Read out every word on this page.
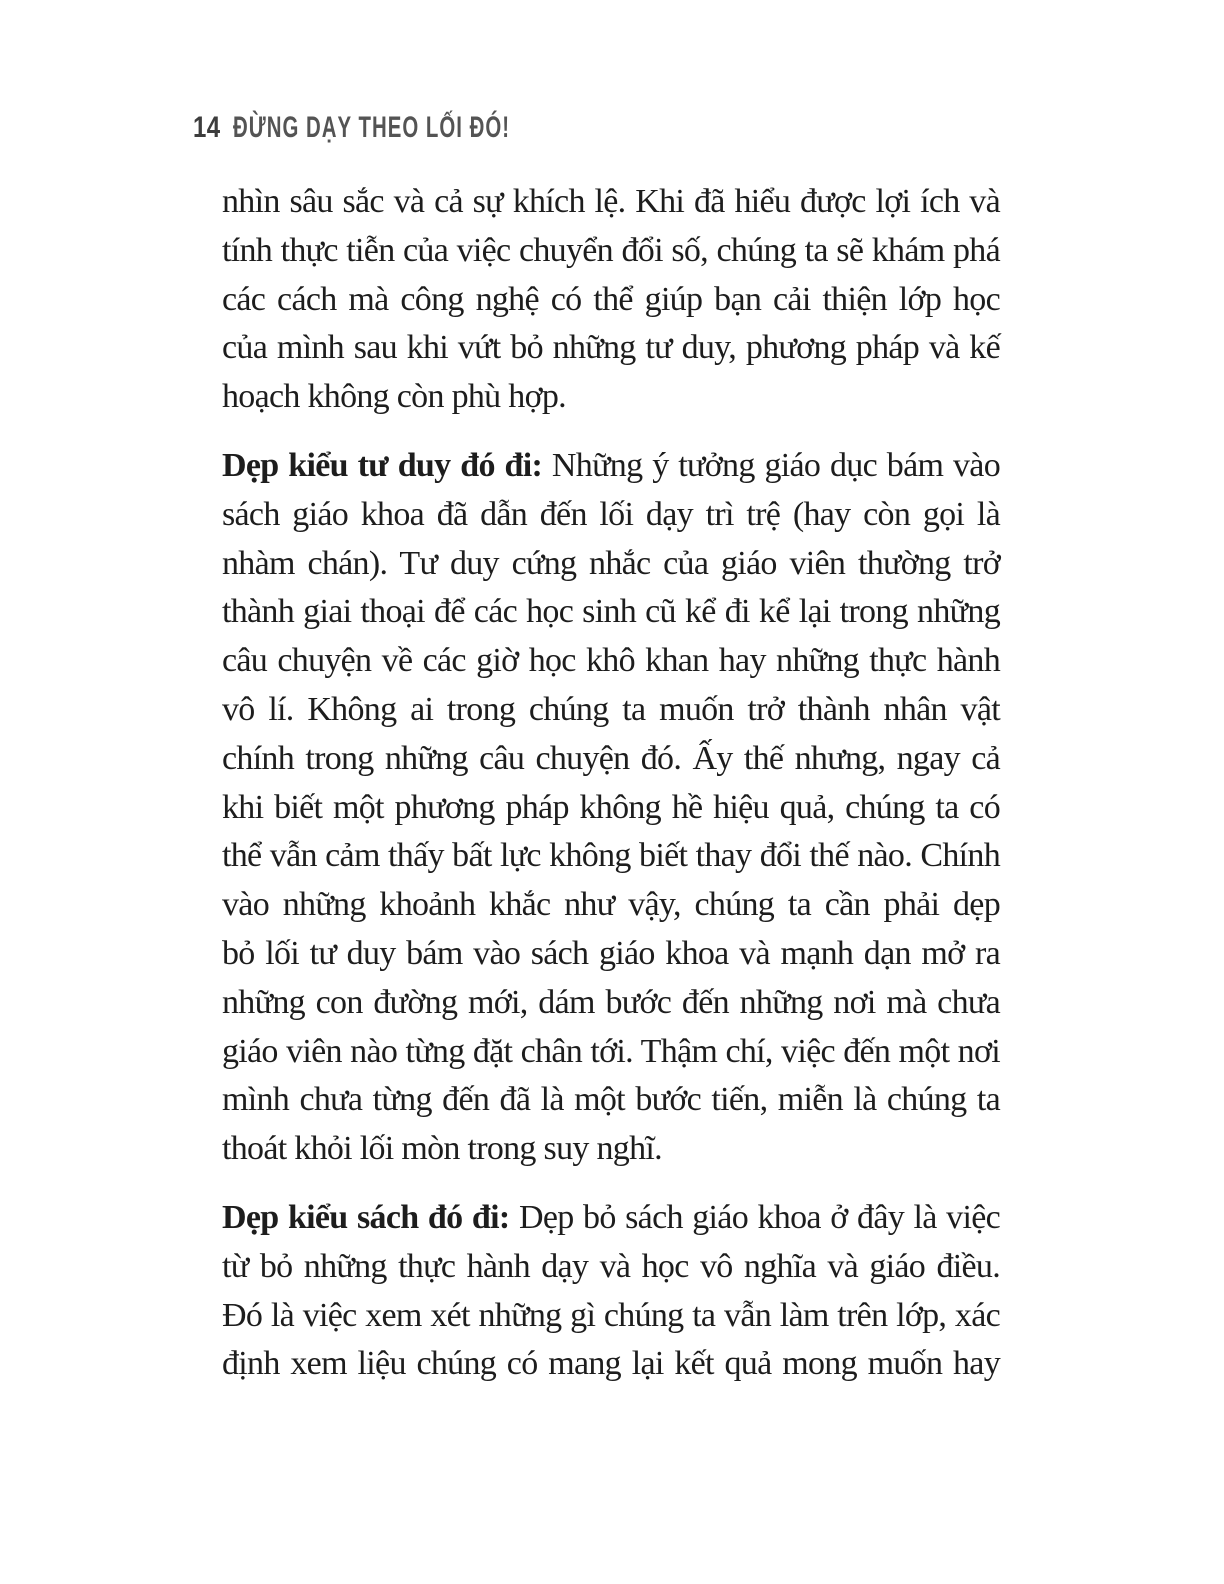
14 ĐỪNG DẠY THEO LỐI ĐÓ!
nhìn sâu sắc và cả sự khích lệ. Khi đã hiểu được lợi ích và
tính thực tiễn của việc chuyển đổi số, chúng ta sẽ khám phá
các cách mà công nghệ có thể giúp bạn cải thiện lớp học
của mình sau khi vứt bỏ những tư duy, phương pháp và kế
hoạch không còn phù hợp.
Dẹp kiểu tư duy đó đi: Những ý tưởng giáo dục bám vào
sách giáo khoa đã dẫn đến lối dạy trì trệ (hay còn gọi là
nhàm chán). Tư duy cứng nhắc của giáo viên thường trở
thành giai thoại để các học sinh cũ kể đi kể lại trong những
câu chuyện về các giờ học khô khan hay những thực hành
vô lí. Không ai trong chúng ta muốn trở thành nhân vật
chính trong những câu chuyện đó. Ấy thế nhưng, ngay cả
khi biết một phương pháp không hề hiệu quả, chúng ta có
thể vẫn cảm thấy bất lực không biết thay đổi thế nào. Chính
vào những khoảnh khắc như vậy, chúng ta cần phải dẹp
bỏ lối tư duy bám vào sách giáo khoa và mạnh dạn mở ra
những con đường mới, dám bước đến những nơi mà chưa
giáo viên nào từng đặt chân tới. Thậm chí, việc đến một nơi
mình chưa từng đến đã là một bước tiến, miễn là chúng ta
thoát khỏi lối mòn trong suy nghĩ.
Dẹp kiểu sách đó đi: Dẹp bỏ sách giáo khoa ở đây là việc
từ bỏ những thực hành dạy và học vô nghĩa và giáo điều.
Đó là việc xem xét những gì chúng ta vẫn làm trên lớp, xác
định xem liệu chúng có mang lại kết quả mong muốn hay
